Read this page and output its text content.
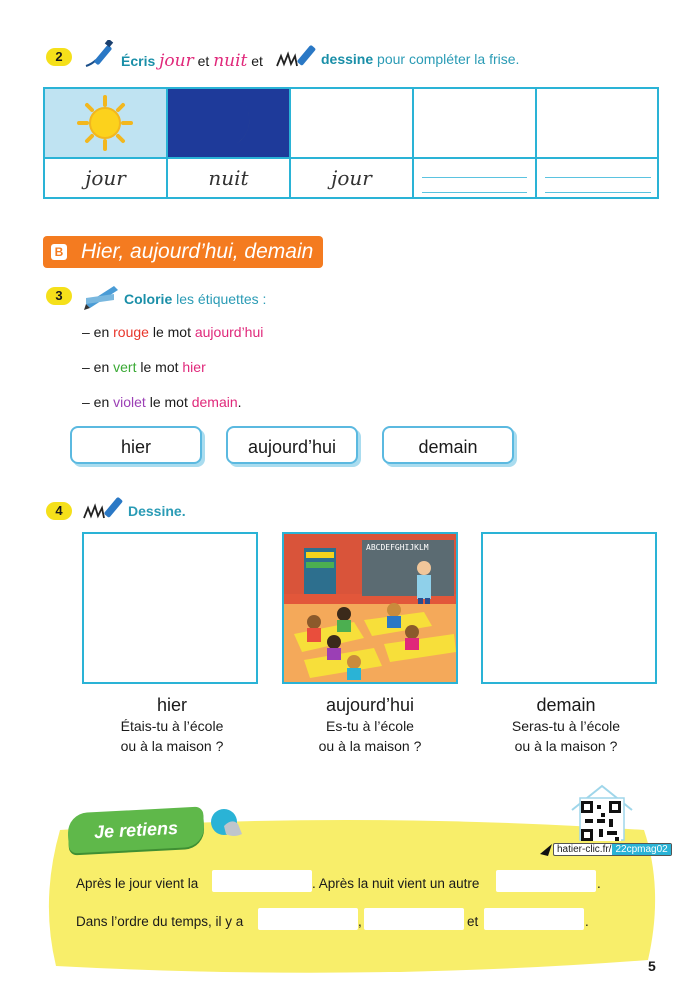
2	Écris jour et nuit et	dessine pour compléter la frise.
jour	nuit	jour
B Hier, aujourd’hui, demain
3	Colorie les étiquettes :
– en rouge le mot aujourd’hui
– en vert le mot hier
– en violet le mot demain.
hier	aujourd’hui	demain
4	Dessine.
ABCDEFGHIJKLM
hier
Étais-tu à l’école
ou à la maison ?
aujourd’hui
Es-tu à l’école
ou à la maison ?
demain
Seras-tu à l’école
ou à la maison ?
Je retiens
hatier-clic.fr/ 22cpmag02
Après le jour vient la	. Après la nuit vient un autre	.
Dans l’ordre du temps, il y a	,	et	.
5
